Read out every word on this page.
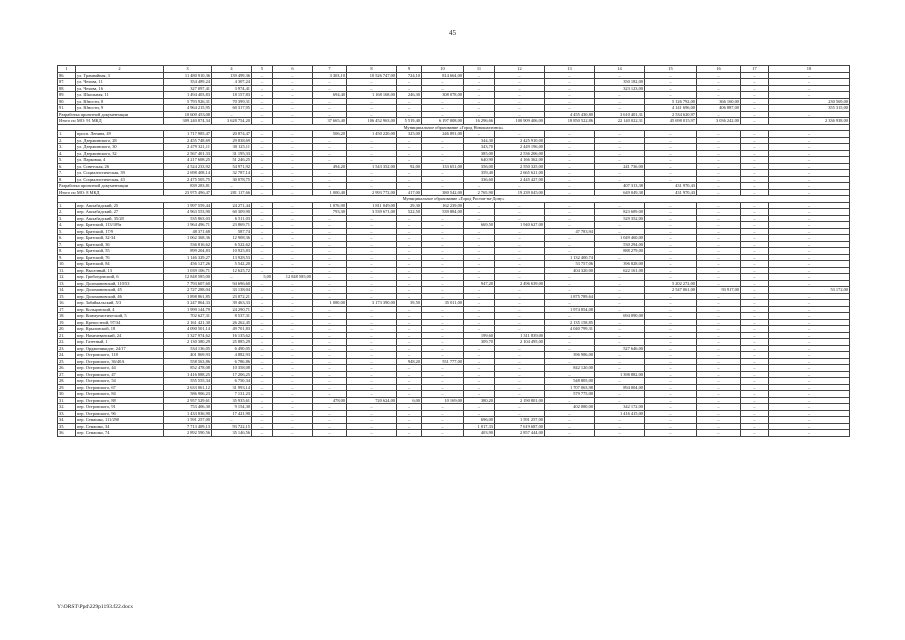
45
1	2	3	4	5	6	7	8	9	10	11	12	13	14	15	16	17	18
86.	ул. Трамвайная, 3	11 480 910,36	139 499,36	–	–	3 303,10	10 526 747,00	724,10	814 664,00	–	–	–	–	–	–	–	–
87.	ул. Чехова, 11	354 489,24	4 307,24	–	–	–	–	–	–	–	–	–	350 182,00	–	–	–	–
88.	ул. Чехова, 16	327 097,41	3 974,41	–	–	–	–	–	–	–	–	–	323 123,00	–	–	–	–
89.	ул. Школьная, 11	1 494 403,83	18 157,83	–	–	694,40	1 168 168,00	246,30	308 078,00	–	–	–	–	–	–	–	–
90.	ул. Юности, 8	5 793 926,31	70 399,31	–	–	–	–	–	–	–	–	–	–	5 126 792,00	366 160,00	–	230 569,00
91.	ул. Юности, 9	4 964 215,95	60 317,95	–	–	–	–	–	–	–	–	–	–	4 141 696,00	406 887,00	–	355 315,00
Разработка проектной документации		10 600 453,08	–	–	–	–	–	–	–	–	–	4 455 430,80	3 610 401,31	2 534 620,97	–	–	–
Итого по МО: 91 МКД		309 240 874,34	3 628 754,20	–	–	37 665,40	106 452 963,00	5 519,40	6 197 008,00	16 296,66	100 909 406,00	18 850 522,86	22 140 022,31	45 698 015,97	3 036 242,00	–	2 336 938,00
Муниципальное образование «Город Новошахтинск»																	
1.	просп. Ленина, 49	1 717 985,47	20 874,47	–	–	506,20	1 450 220,00	325,00	246 891,00	–	–	–	–	–	–	–	–
2.	ул. Дзержинского, 28	2 455 748,69	29 838,69	–	–	–	–	–	–	344,30	2 425 910,00	–	–	–	–	–	–
3.	ул. Дзержинского, 30	2 479 321,11	30 125,11	–	–	–	–	–	–	343,70	2 449 196,00	–	–	–	–	–	–
4.	ул. Дзержинского, 32	2 567 401,33	31 195,33	–	–	–	–	–	–	385,00	2 536 206,00	–	–	–	–	–	–
5.	ул. Парковая, 4	4 217 608,25	51 246,25	–	–	–	–	–	–	640,90	4 166 362,00	–	–	–	–	–	–
6.	ул. Советская, 26	4 524 233,92	54 971,92	–	–	494,20	1 543 352,00	92,00	133 651,00	356,00	2 550 325,00	–	241 736,00	–	–	–	–
7.	ул. Социалистическая, 39	2 698 408,14	32 787,14	–	–	–	–	–	–	359,40	2 665 621,00	–	–	–	–	–	–
8.	ул. Социалистическая, 43	2 475 505,75	30 078,75	–	–	–	–	–	–	336,60	2 445 427,00	–	–	–	–	–	–
Разработка проектной документации		839 283,81	–	–	–	–	–	–	–	–	–	–	407 313,38	431 970,43	–	–	–
Итого по МО: 8 МКД		23 975 496,47	281 117,66	–	–	1 000,40	2 993 772,00	417,00	380 542,00	2 765,90	19 239 045,00	–	649 049,38	431 970,43	–	–	–
Муниципальное образование «Город Ростов-на-Дону»																	
1.	пер. Ашхабадский, 25	1 997 559,44	24 271,44	–	–	1 076,90	1 811 049,00	29,30	162 239,00	–	–	–	–	–	–	–	–
2.	пер. Ашхабадский, 27	4 963 553,90	60 309,90	–	–	793,30	3 539 671,00	522,50	539 884,00	–	–	–	823 689,00	–	–	–	–
3.	пер. Ашхабадский, 35/28	535 863,03	6 511,03	–	–	–	–	–	–	–	–	–	529 352,00	–	–	–	–
4.	пер. Братский, 113/109а	1 964 496,71	23 869,71	–	–	–	–	–	–	669,50	1 940 627,00	–	–	–	–	–	–
5.	пер. Братский, 17/9	48 371,68	587,74	–	–	–	–	–	–	–	–	47 783,94	–	–	–	–	–
6.	пер. Братский, 32-34	1 062 368,36	12 908,36	–	–	–	–	–	–	–	–	–	1 049 460,00	–	–	–	–
7.	пер. Братский, 36	536 816,62	6 522,62	–	–	–	–	–	–	–	–	–	530 294,00	–	–	–	–
8.	пер. Братский, 55	899 204,83	10 925,83	–	–	–	–	–	–	–	–	–	888 279,00	–	–	–	–
9.	пер. Братский, 76	1 146 329,27	13 928,53	–	–	–	–	–	–	–	–	1 132 400,74	–	–	–	–	–
10.	пер. Братский, 84	456 127,26	5 542,20	–	–	–	–	–	–	–	–	53 757,06	396 828,00	–	–	–	–
11.	пер. Выселный, 13	1 039 106,71	12 625,72	–	–	–	–	–	–	–	–	404 320,00	622 161,00	–	–	–	–
12.	пер. Грибоедовский, 6	12 848 585,00	–	5,00	12 848 585,00	–	–	–	–	–	–	–	–	–	–	–	–
13.	пер. Доломановский, 110/53	7 793 607,60	94 696,60	–	–	–	–	–	–	947,20	2 496 639,00	–	–	5 202 272,00	–	–	–
14.	пер. Доломановский, 45	2 727 288,04	33 138,04	–	–	–	–	–	–	–	–	–	–	2 547 061,00	93 917,00	–	53 172,00
15.	пер. Доломановский, 46	1 898 861,85	23 072,21	–	–	–	–	–	–	–	–	1 875 789,64	–	–	–	–	–
16.	пер. Забайкальский, 5/3	3 247 864,33	39 463,33	–	–	1 080,00	3 173 390,00	39,50	35 011,00	–	–	–	–	–	–	–	–
17.	пер. Кольцовский, 4	1 999 144,79	24 290,71	–	–	–	–	–	–	–	–	1 974 854,08	–	–	–	–	–
18.	пер. Коммунистический, 5	702 627,31	8 537,31	–	–	–	–	–	–	–	–	–	694 090,00	–	–	–	–
19.	пер. Крепостной, 97/34	2 161 421,30	26 262,45	–	–	–	–	–	–	–	–	2 135 158,85	–	–	–	–	–
20.	пер. Крыловской, 18	4 090 501,14	49 701,83	–	–	–	–	–	–	–	–	4 040 799,31	–	–	–	–	–
21.	пер. Нахичеванский, 24	1 327 974,62	16 135,62	–	–	–	–	–	–	199,60	1 311 839,00	–	–	–	–	–	–
22.	пер. Газетный, 1	2 130 380,29	25 885,29	–	–	–	–	–	–	309,70	2 104 495,00	–	–	–	–	–	–
23.	пер. Орджоникидзе, 24/17	534 136,05	6 490,05	–	–	–	–	–	–	–	–	–	527 646,00	–	–	–	–
24.	пер. Островского, 118	401 869,93	4 882,93	–	–	–	–	–	–	–	–	396 986,00	–	–	–	–	–
25.	пер. Островского, 36/40А	558 563,86	6 786,86	–	–	–	–	948,20	551 777,00	–	–	–	–	–	–	–	–
26.	пер. Островского, 44	852 478,08	10 358,08	–	–	–	–	–	–	–	–	842 120,00	–	–	–	–	–
27.	пер. Островского, 47	1 416 088,25	17 206,25	–	–	–	–	–	–	–	–	–	1 398 882,00	–	–	–	–
28.	пер. Островского, 54	555 555,34	6 750,34	–	–	–	–	–	–	–	–	548 805,00	–	–	–	–	–
29.	пер. Островского, 67	2 633 061,12	31 993,14	–	–	–	–	–	–	–	–	1 707 063,98	894 004,00	–	–	–	–
30.	пер. Островского, 84	586 906,23	7 131,23	–	–	–	–	–	–	–	–	579 775,00	–	–	–	–	–
31.	пер. Островского, 88	2 957 529,61	35 935,61	–	–	478,00	720 624,00	6,00	10 169,00	380,20	2 190 801,00	–	–	–	–	–	–
32.	пер. Островского, 91	753 406,30	9 154,30	–	–	–	–	–	–	–	–	402 080,00	342 172,00	–	–	–	–
33.	пер. Островского, 96	1 433 836,90	17 421,90	–	–	–	–	–	–	–	–	–	1 416 415,00	–	–	–	–
34.	пер. Семашко, 111/290	1 591 257,00	–	–	–	–	–	–	–	696,00	1 591 257,00	–	–	–	–	–	–
35.	пер. Семашко, 34	7 713 409,13	93 722,15	–	–	–	–	–	–	1 017,33	7 619 687,00	–	–	–	–	–	–
36.	пер. Семашко, 74	2 892 590,56	35 146,56	–	–	–	–	–	–	403,90	2 857 444,00	–	–	–	–	–	–
Y:\ORST\Ppd\229p1193.f22.docx
